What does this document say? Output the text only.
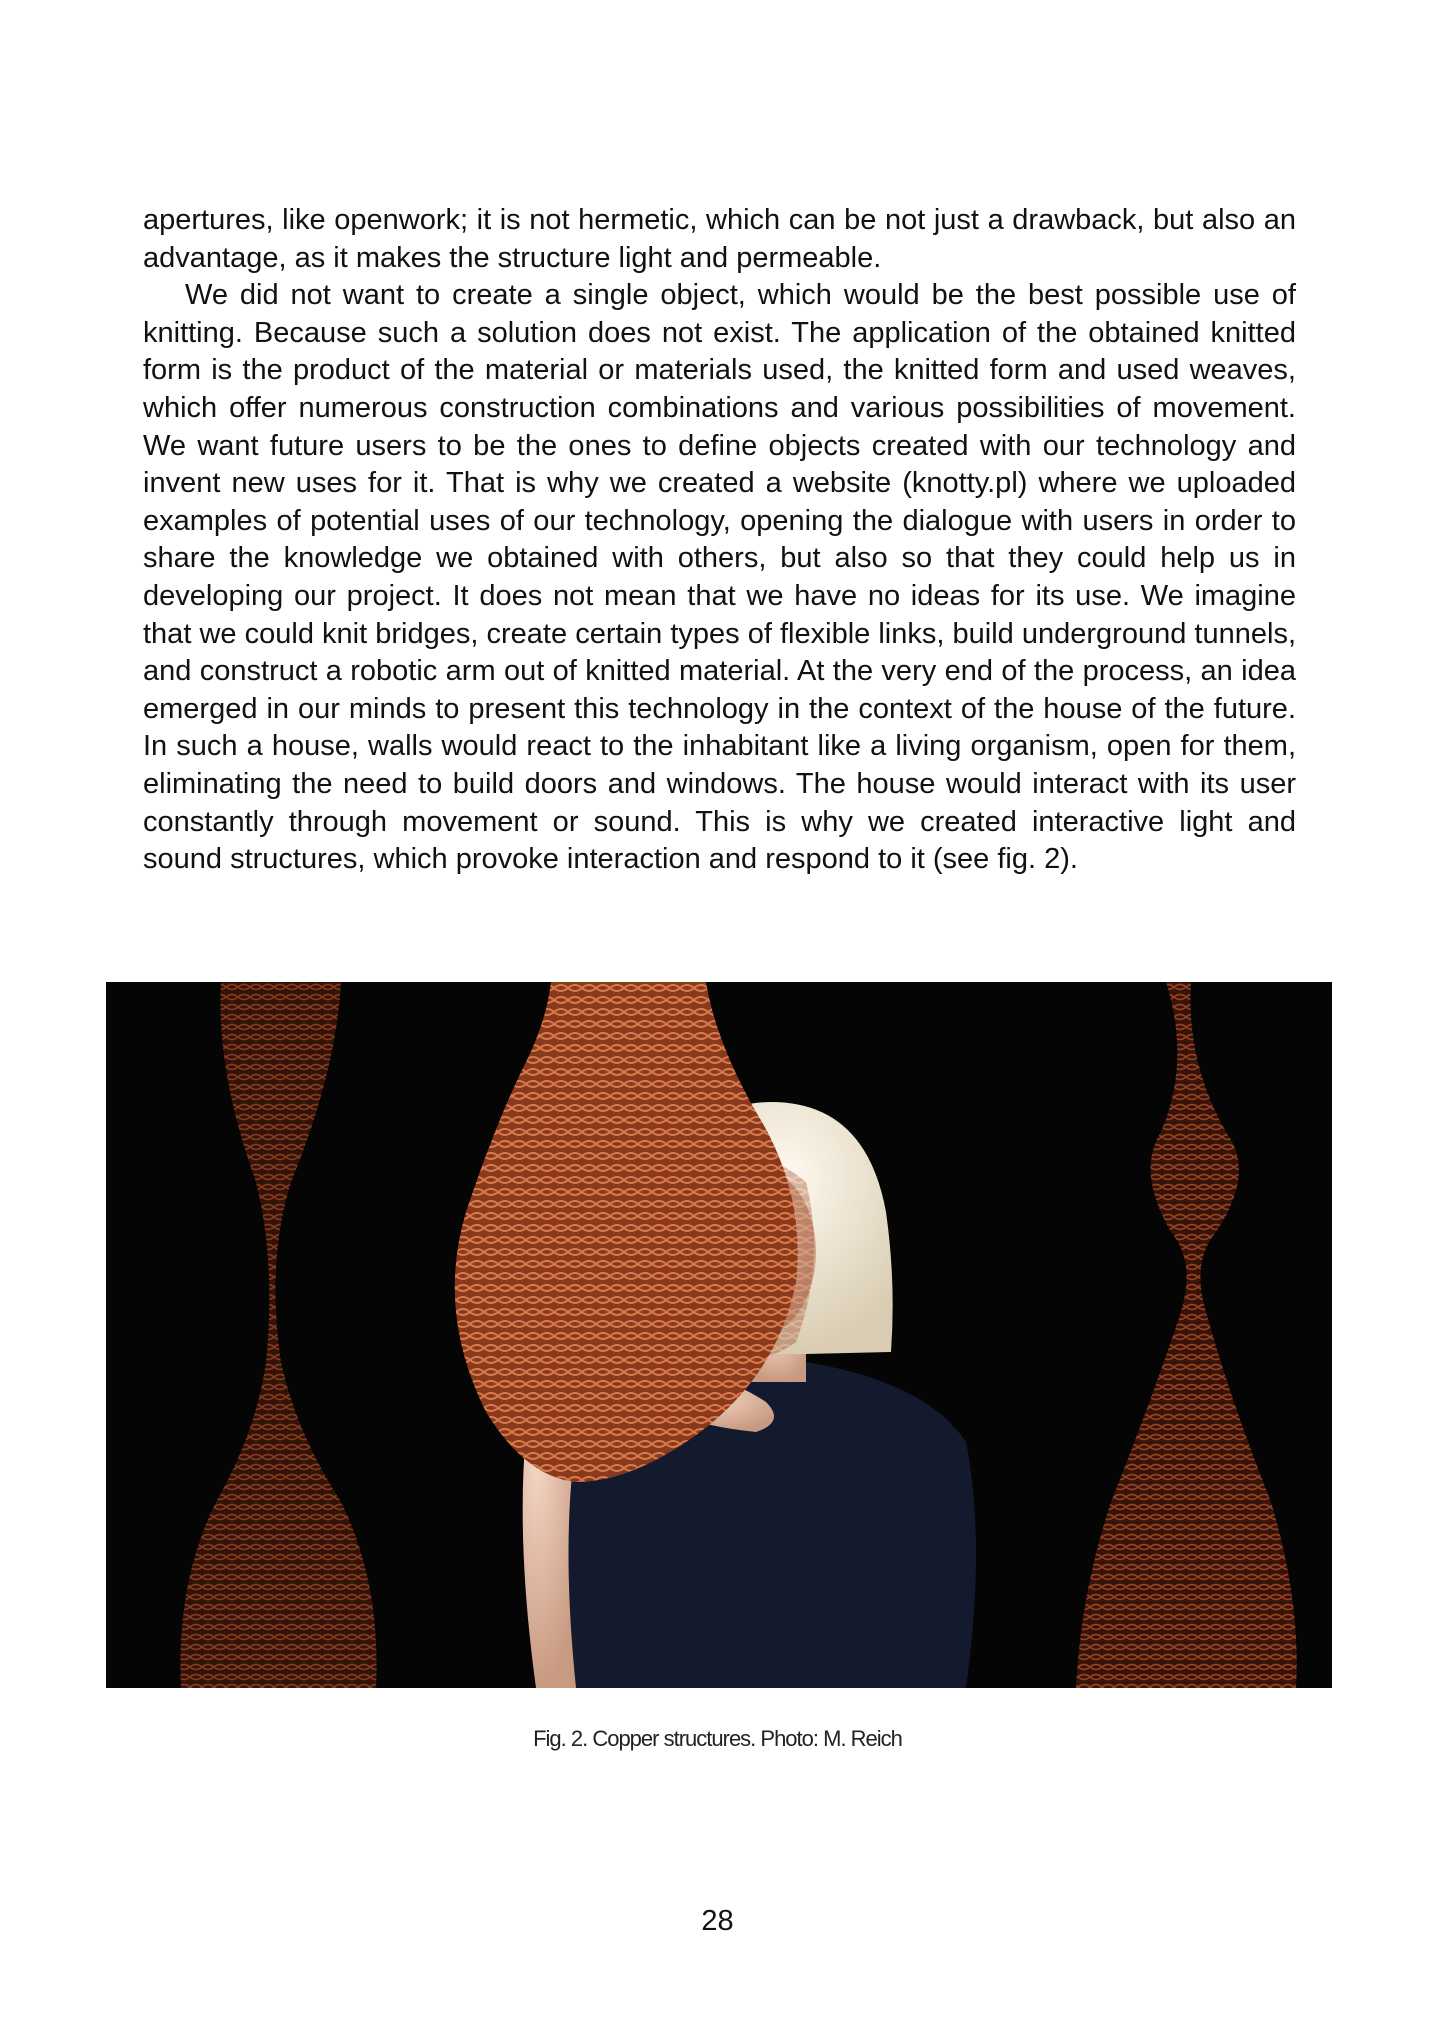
apertures, like openwork; it is not hermetic, which can be not just a drawback, but also an advantage, as it makes the structure light and permeable.

We did not want to create a single object, which would be the best possible use of knitting. Because such a solution does not exist. The application of the obtained knitted form is the product of the material or materials used, the knitted form and used weaves, which offer numerous construction combinations and various possibilities of movement. We want future users to be the ones to define objects created with our technology and invent new uses for it. That is why we created a website (knotty.pl) where we uploaded examples of potential uses of our technology, opening the dialogue with users in order to share the knowledge we obtained with others, but also so that they could help us in developing our project. It does not mean that we have no ideas for its use. We imagine that we could knit bridges, create certain types of flexible links, build underground tunnels, and construct a robotic arm out of knitted material. At the very end of the process, an idea emerged in our minds to present this technology in the context of the house of the future. In such a house, walls would react to the inhabitant like a living organism, open for them, eliminating the need to build doors and windows. The house would interact with its user constantly through movement or sound. This is why we created interactive light and sound structures, which provoke interaction and respond to it (see fig. 2).

Fig. 2. Copper structures. Photo: M. Reich
28
